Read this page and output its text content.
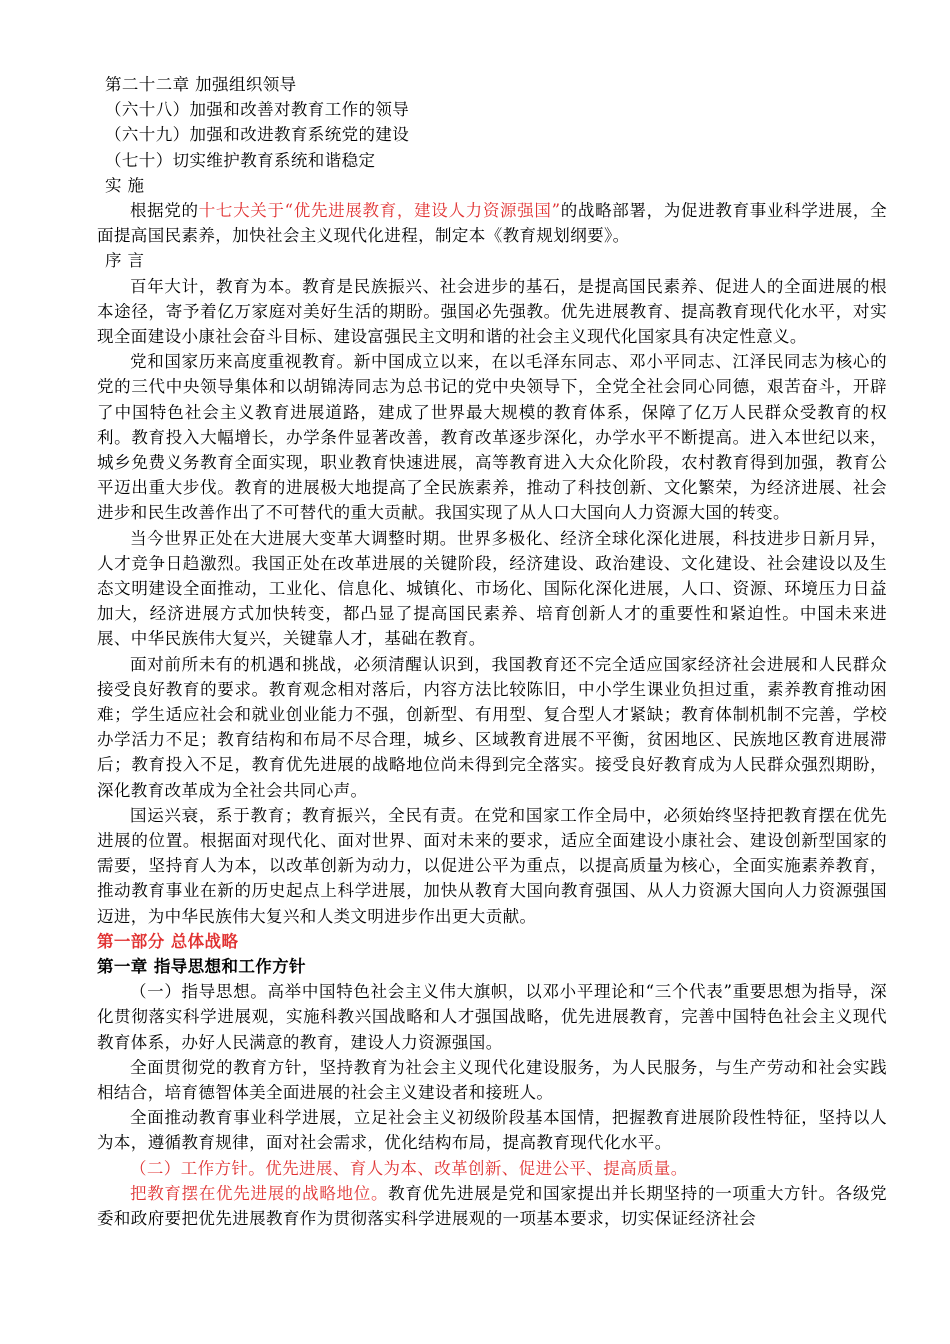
第二十二章 加强组织领导
（六十八）加强和改善对教育工作的领导
（六十九）加强和改进教育系统党的建设
（七十）切实维护教育系统和谐稳定
实 施
根据党的十七大关于“优先进展教育，建设人力资源强国”的战略部署，为促进教育事业科学进展，全面提高国民素养，加快社会主义现代化进程，制定本《教育规划纲要》。
序 言
百年大计，教育为本。教育是民族振兴、社会进步的基石，是提高国民素养、促进人的全面进展的根本途径，寄予着亿万家庭对美好生活的期盼。强国必先强教。优先进展教育、提高教育现代化水平，对实现全面建设小康社会奋斗目标、建设富强民主文明和谐的社会主义现代化国家具有决定性意义。
党和国家历来高度重视教育。新中国成立以来，在以毛泽东同志、邓小平同志、江泽民同志为核心的党的三代中央领导集体和以胡锦涛同志为总书记的党中央领导下，全党全社会同心同德，艰苦奋斗，开辟了中国特色社会主义教育进展道路，建成了世界最大规模的教育体系，保障了亿万人民群众受教育的权利。教育投入大幅增长，办学条件显著改善，教育改革逐步深化，办学水平不断提高。进入本世纪以来，城乡免费义务教育全面实现，职业教育快速进展，高等教育进入大众化阶段，农村教育得到加强，教育公平迈出重大步伐。教育的进展极大地提高了全民族素养，推动了科技创新、文化繁荣，为经济进展、社会进步和民生改善作出了不可替代的重大贡献。我国实现了从人口大国向人力资源大国的转变。
当今世界正处在大进展大变革大调整时期。世界多极化、经济全球化深化进展，科技进步日新月异，人才竞争日趋激烈。我国正处在改革进展的关键阶段，经济建设、政治建设、文化建设、社会建设以及生态文明建设全面推动，工业化、信息化、城镇化、市场化、国际化深化进展，人口、资源、环境压力日益加大，经济进展方式加快转变，都凸显了提高国民素养、培育创新人才的重要性和紧迫性。中国未来进展、中华民族伟大复兴，关键靠人才，基础在教育。
面对前所未有的机遇和挑战，必须清醒认识到，我国教育还不完全适应国家经济社会进展和人民群众接受良好教育的要求。教育观念相对落后，内容方法比较陈旧，中小学生课业负担过重，素养教育推动困难；学生适应社会和就业创业能力不强，创新型、有用型、复合型人才紧缺；教育体制机制不完善，学校办学活力不足；教育结构和布局不尽合理，城乡、区域教育进展不平衡，贫困地区、民族地区教育进展滞后；教育投入不足，教育优先进展的战略地位尚未得到完全落实。接受良好教育成为人民群众强烈期盼，深化教育改革成为全社会共同心声。
国运兴衰，系于教育；教育振兴，全民有责。在党和国家工作全局中，必须始终坚持把教育摆在优先进展的位置。根据面对现代化、面对世界、面对未来的要求，适应全面建设小康社会、建设创新型国家的需要，坚持育人为本，以改革创新为动力，以促进公平为重点，以提高质量为核心，全面实施素养教育，推动教育事业在新的历史起点上科学进展，加快从教育大国向教育强国、从人力资源大国向人力资源强国迈进，为中华民族伟大复兴和人类文明进步作出更大贡献。
第一部分 总体战略
第一章 指导思想和工作方针
（一）指导思想。高举中国特色社会主义伟大旗帜，以邓小平理论和“三个代表”重要思想为指导，深化贯彻落实科学进展观，实施科教兴国战略和人才强国战略，优先进展教育，完善中国特色社会主义现代教育体系，办好人民满意的教育，建设人力资源强国。
全面贯彻党的教育方针，坚持教育为社会主义现代化建设服务，为人民服务，与生产劳动和社会实践相结合，培育德智体美全面进展的社会主义建设者和接班人。
全面推动教育事业科学进展，立足社会主义初级阶段基本国情，把握教育进展阶段性特征，坚持以人为本，遵循教育规律，面对社会需求，优化结构布局，提高教育现代化水平。
（二）工作方针。优先进展、育人为本、改革创新、促进公平、提高质量。
把教育摆在优先进展的战略地位。教育优先进展是党和国家提出并长期坚持的一项重大方针。各级党委和政府要把优先进展教育作为贯彻落实科学进展观的一项基本要求，切实保证经济社会
